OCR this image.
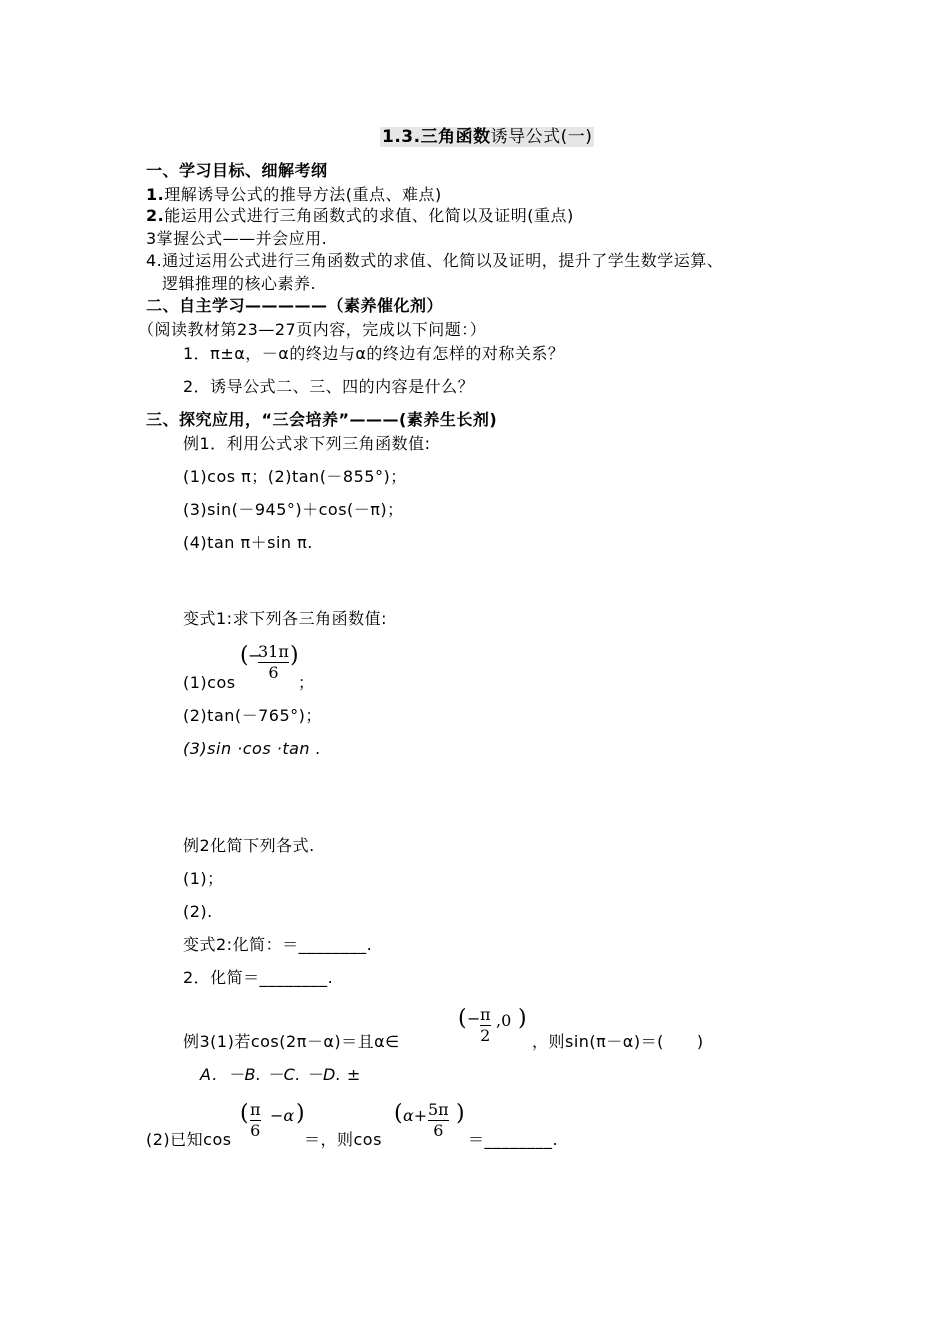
1.3.三角函数诱导公式(一)
一、学习目标、细解考纲
1.理解诱导公式的推导方法(重点、难点)
2.能运用公式进行三角函数式的求值、化简以及证明(重点)
3掌握公式——并会应用.
4.通过运用公式进行三角函数式的求值、化简以及证明，提升了学生数学运算、
逻辑推理的核心素养.
二、自主学习—————（素养催化剂）
（阅读教材第23—27页内容，完成以下问题：）
1．π±α，－α的终边与α的终边有怎样的对称关系？
2．诱导公式二、三、四的内容是什么？
三、探究应用，“三会培养”———(素养生长剂)
例1．利用公式求下列三角函数值:
(1)cos π；(2)tan(－855°)；
(3)sin(－945°)＋cos(－π)；
(4)tan π＋sin π.
变式1:求下列各三角函数值:
(1)cos
( −
31π
6
)
；
(2)tan(－765°)；
(3)sin ·cos ·tan .
例2化简下列各式.
(1)；
(2).
变式2:化简：＝________.
2．化简＝________.
例3(1)若cos(2π－α)＝且α∈
( − π
2
,0 )
，则sin(π－α)＝(　　)
A．－B. －C. －D. ±
(2)已知cos
( π
6
−α )
＝，则cos
( α+ 5π
6
)
＝________.
